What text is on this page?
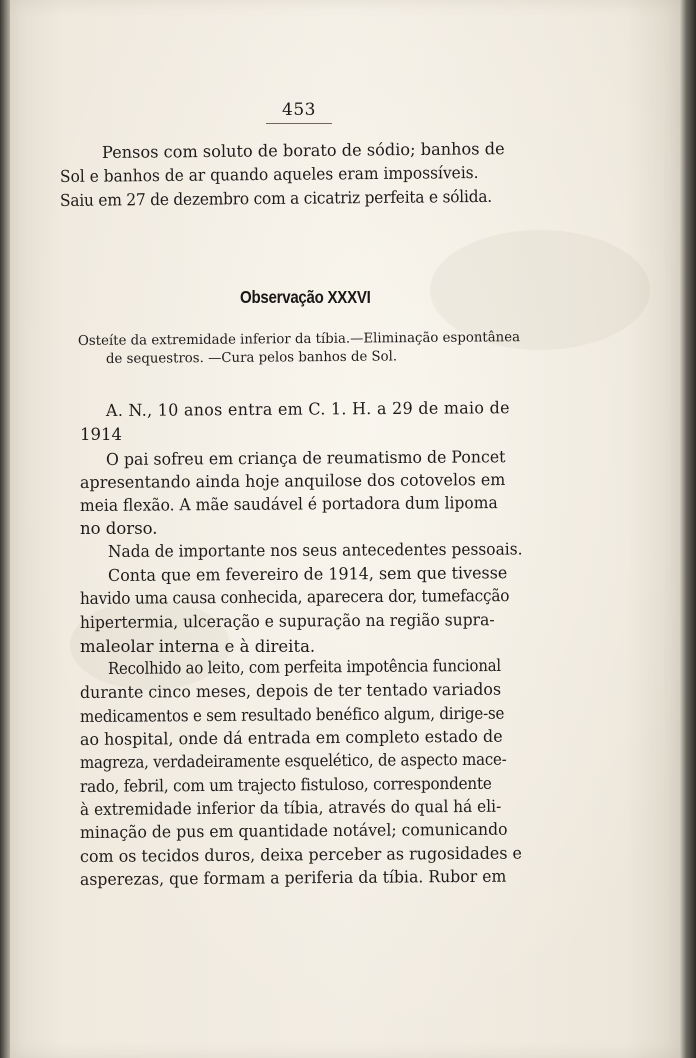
453
Pensos com soluto de borato de sódio; banhos de
Sol e banhos de ar quando aqueles eram impossíveis.
Saiu em 27 de dezembro com a cicatriz perfeita e sólida.
Observação XXXVI
Osteíte da extremidade inferior da tíbia.—Eliminação espontânea
de sequestros. —Cura pelos banhos de Sol.
A. N., 10 anos entra em C. 1. H. a 29 de maio de
1914
O pai sofreu em criança de reumatismo de Poncet
apresentando ainda hoje anquilose dos cotovelos em
meia flexão. A mãe saudável é portadora dum lipoma
no dorso.
Nada de importante nos seus antecedentes pessoais.
Conta que em fevereiro de 1914, sem que tivesse
havido uma causa conhecida, aparecera dor, tumefacção
hipertermia, ulceração e supuração na região supra-
maleolar interna e à direita.
Recolhido ao leito, com perfeita impotência funcional
durante cinco meses, depois de ter tentado variados
medicamentos e sem resultado benéfico algum, dirige-se
ao hospital, onde dá entrada em completo estado de
magreza, verdadeiramente esquelético, de aspecto mace-
rado, febril, com um trajecto fistuloso, correspondente
à extremidade inferior da tíbia, através do qual há eli-
minação de pus em quantidade notável; comunicando
com os tecidos duros, deixa perceber as rugosidades e
asperezas, que formam a periferia da tíbia. Rubor em
